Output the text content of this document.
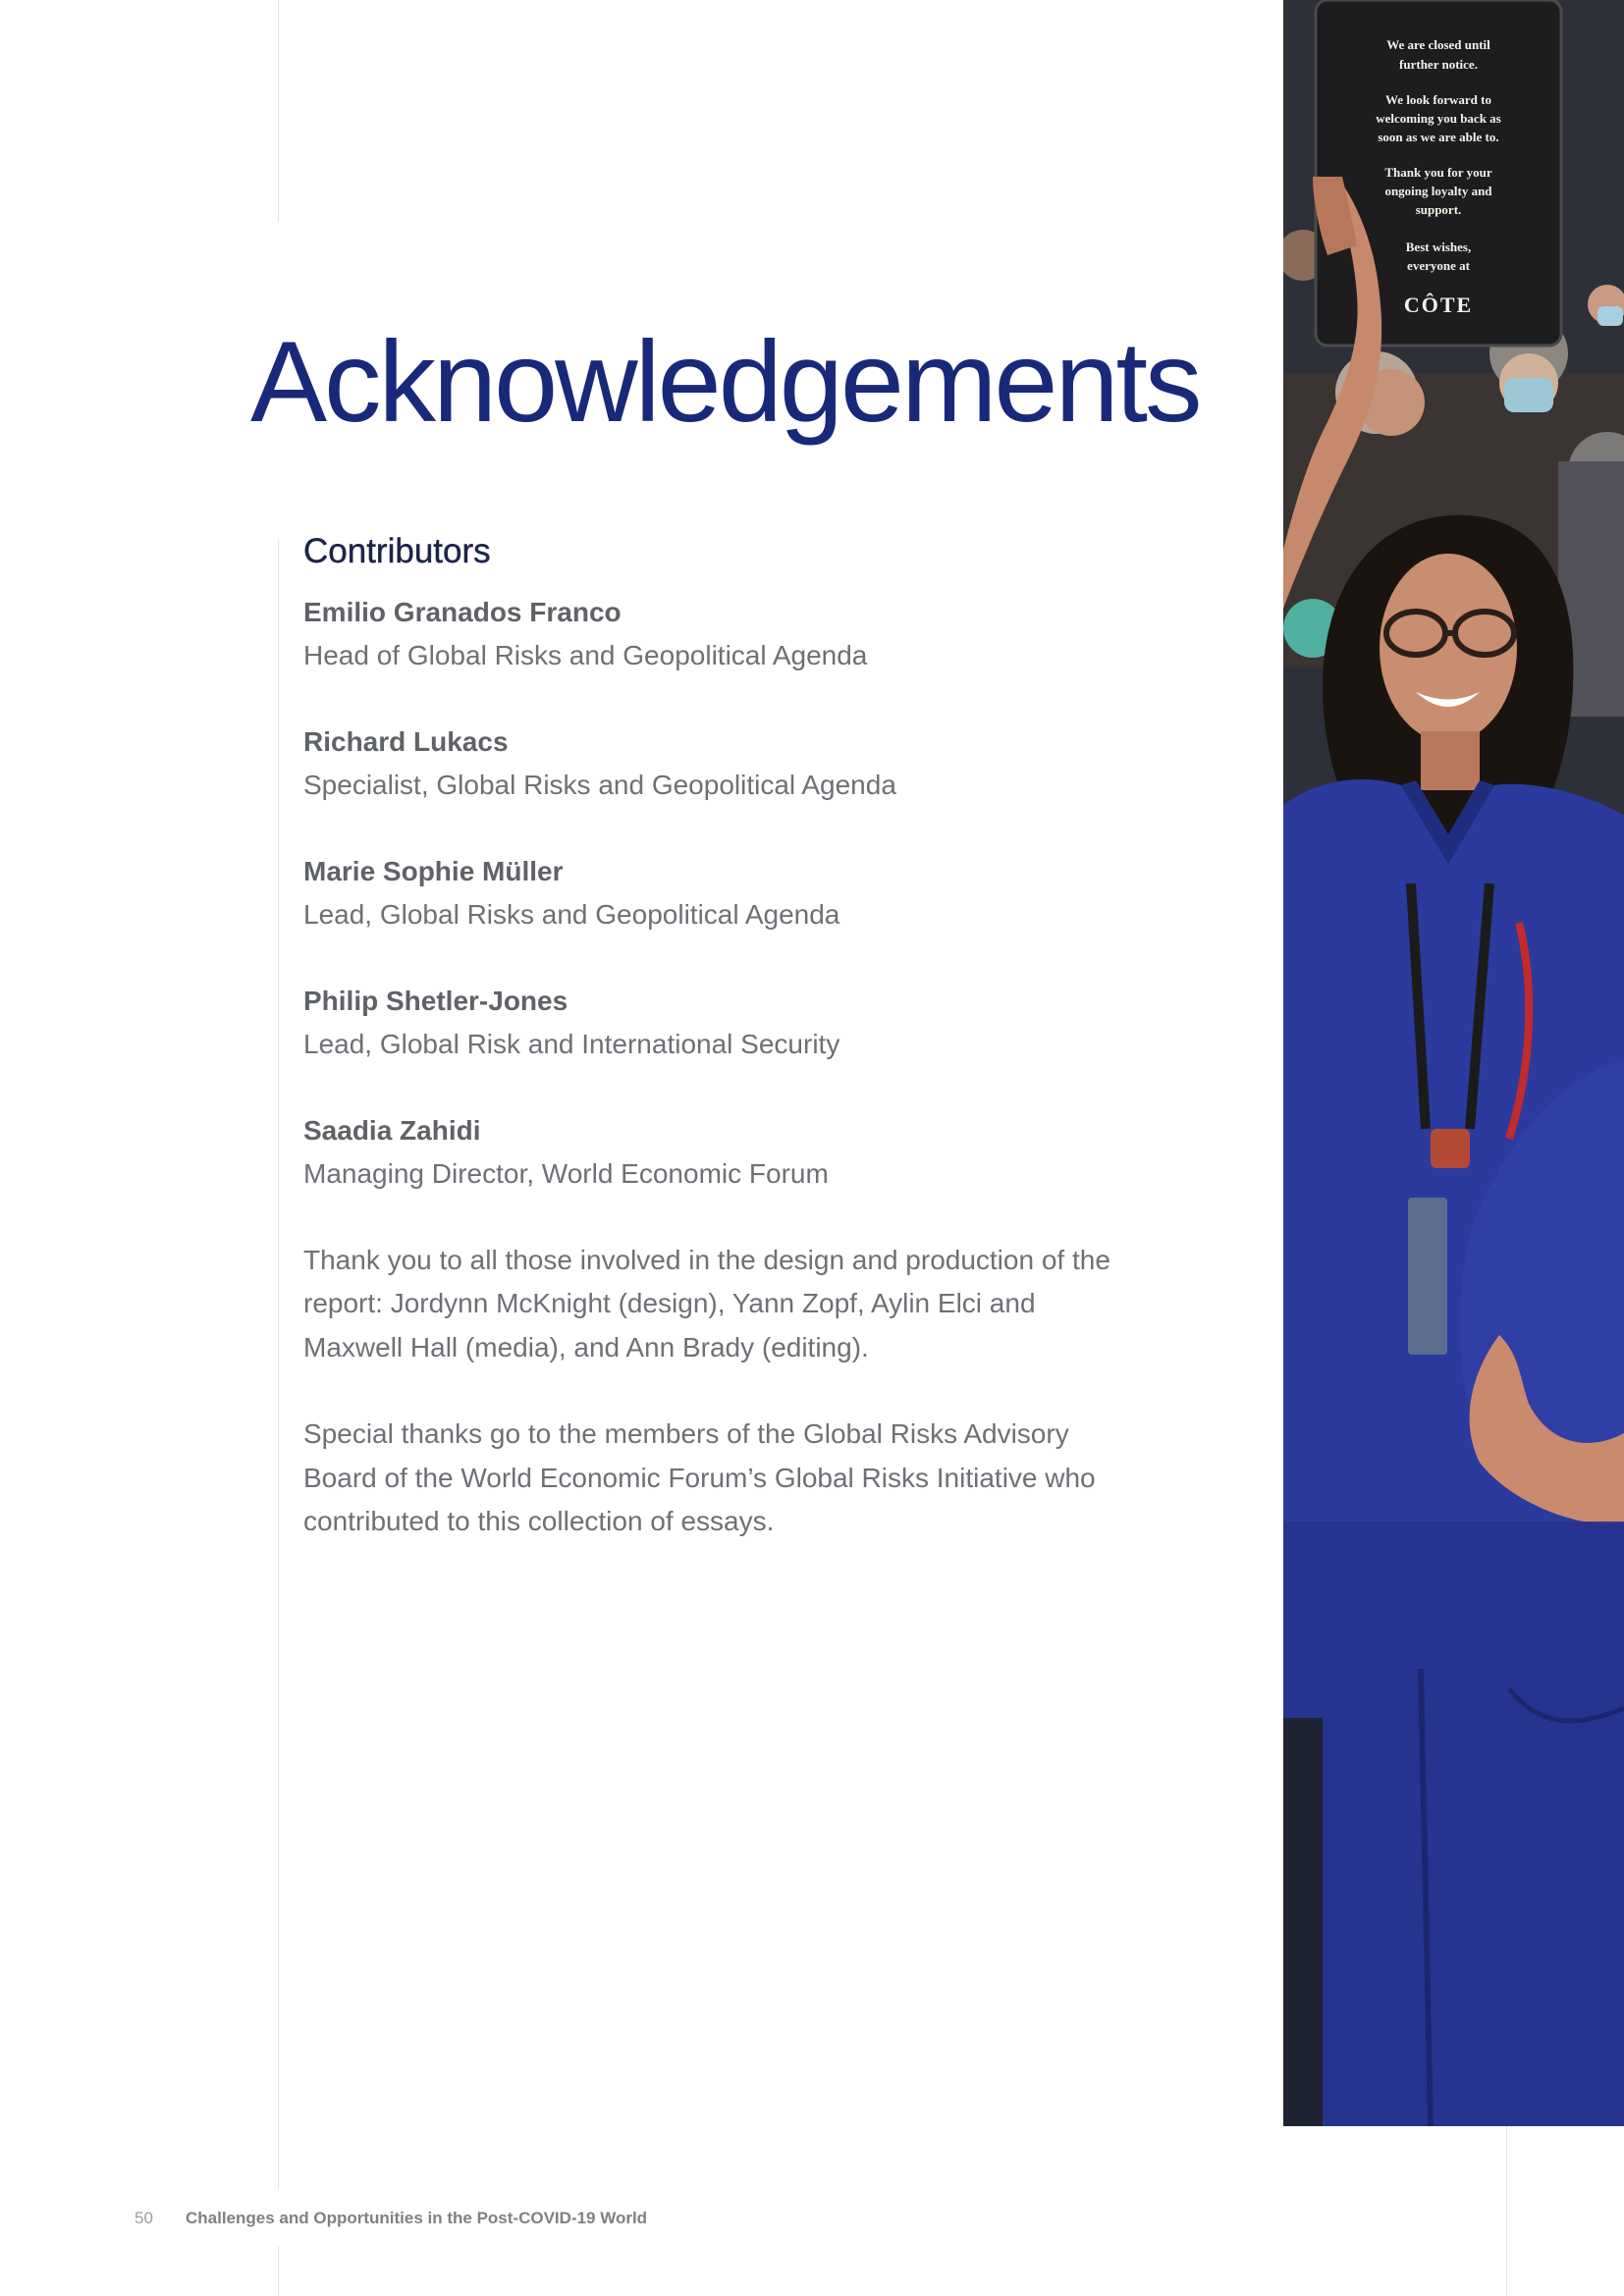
Acknowledgements
Contributors
Emilio Granados Franco
Head of Global Risks and Geopolitical Agenda
Richard Lukacs
Specialist, Global Risks and Geopolitical Agenda
Marie Sophie Müller
Lead, Global Risks and Geopolitical Agenda
Philip Shetler-Jones
Lead, Global Risk and International Security
Saadia Zahidi
Managing Director, World Economic Forum

Thank you to all those involved in the design and production of the report: Jordynn McKnight (design), Yann Zopf, Aylin Elci and Maxwell Hall (media), and Ann Brady (editing).

Special thanks go to the members of the Global Risks Advisory Board of the World Economic Forum’s Global Risks Initiative who contributed to this collection of essays.

We are closed until
further notice.
We look forward to
welcoming you back as
soon as we are able to.
Thank you for your
ongoing loyalty and
support.
Best wishes,
everyone at
CÔTE
50 Challenges and Opportunities in the Post-COVID-19 World
